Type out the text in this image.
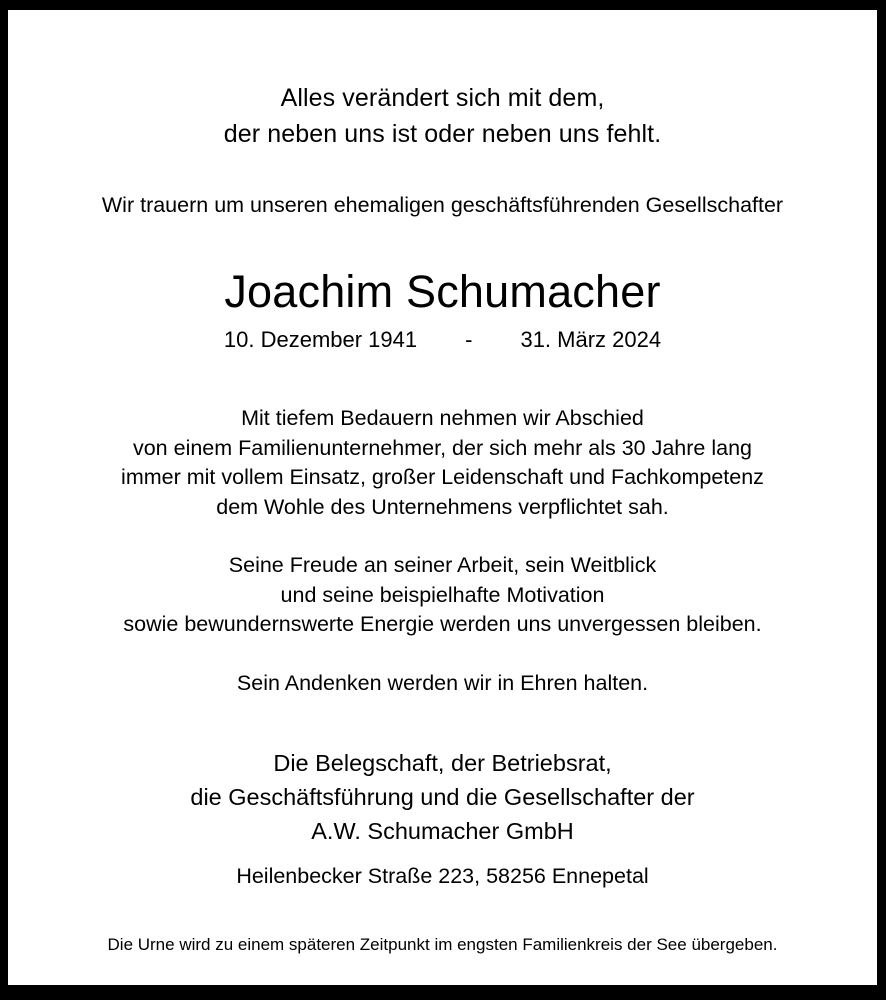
Alles verändert sich mit dem,
der neben uns ist oder neben uns fehlt.
Wir trauern um unseren ehemaligen geschäftsführenden Gesellschafter
Joachim Schumacher
10. Dezember 1941 - 31. März 2024

Mit tiefem Bedauern nehmen wir Abschied
von einem Familienunternehmer, der sich mehr als 30 Jahre lang
immer mit vollem Einsatz, großer Leidenschaft und Fachkompetenz
dem Wohle des Unternehmens verpflichtet sah.

Seine Freude an seiner Arbeit, sein Weitblick
und seine beispielhafte Motivation
sowie bewundernswerte Energie werden uns unvergessen bleiben.

Sein Andenken werden wir in Ehren halten.

Die Belegschaft, der Betriebsrat,
die Geschäftsführung und die Gesellschafter der
A.W. Schumacher GmbH
Heilenbecker Straße 223, 58256 Ennepetal
Die Urne wird zu einem späteren Zeitpunkt im engsten Familienkreis der See übergeben.
